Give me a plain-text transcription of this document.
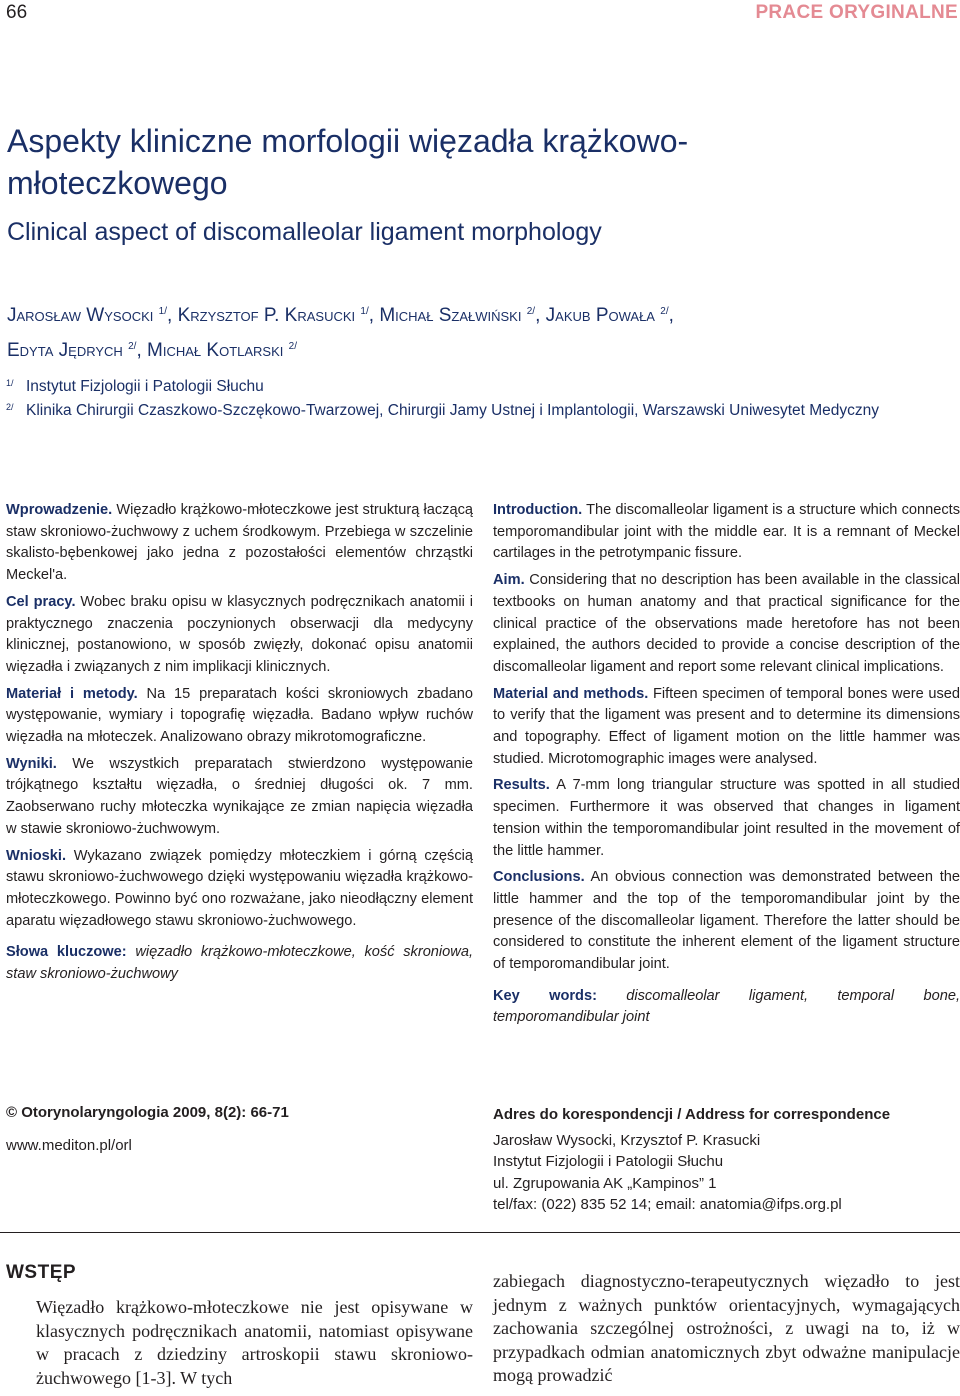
66	PRACE ORYGINALNE
Aspekty kliniczne morfologii więzadła krążkowo-młoteczkowego
Clinical aspect of discomalleolar ligament morphology
Jarosław Wysocki $^{1/}$, Krzysztof P. Krasucki $^{1/}$, Michał Szałwiński $^{2/}$, Jakub Powała $^{2/}$,
Edyta Jędrych $^{2/}$, Michał Kotlarski $^{2/}$
1/ Instytut Fizjologii i Patologii Słuchu
2/ Klinika Chirurgii Czaszkowo-Szczękowo-Twarzowej, Chirurgii Jamy Ustnej i Implantologii, Warszawski Uniwesytet Medyczny

Wprowadzenie. Więzadło krążkowo-młoteczkowe jest strukturą łaczącą staw skroniowo-żuchwowy z uchem środkowym. Przebiega w szczelinie skalisto-bębenkowej jako jedna z pozostałości elementów chrząstki Meckel'a.

Cel pracy. Wobec braku opisu w klasycznych podręcznikach anatomii i praktycznego znaczenia poczynionych obserwacji dla medycyny klinicznej, postanowiono, w sposób zwięzły, dokonać opisu anatomii więzadła i związanych z nim implikacji klinicznych.

Materiał i metody. Na 15 preparatach kości skroniowych zbadano występowanie, wymiary i topografię więzadła. Badano wpływ ruchów więzadła na młoteczek. Analizowano obrazy mikrotomograficzne.

Wyniki. We wszystkich preparatach stwierdzono występowanie trójkątnego kształtu więzadła, o średniej długości ok. 7 mm. Zaobserwano ruchy młoteczka wynikające ze zmian napięcia więzadła w stawie skroniowo-żuchwowym.

Wnioski. Wykazano związek pomiędzy młoteczkiem i górną częścią stawu skroniowo-żuchwowego dzięki występowaniu więzadła krążkowo-młoteczkowego. Powinno być ono rozważane, jako nieodłączny element aparatu więzadłowego stawu skroniowo-żuchwowego.

Słowa kluczowe: więzadło krążkowo-młoteczkowe, kość skroniowa, staw skroniowo-żuchwowy

Introduction. The discomalleolar ligament is a structure which connects temporomandibular joint with the middle ear. It is a remnant of Meckel cartilages in the petrotympanic fissure.

Aim. Considering that no description has been available in the classical textbooks on human anatomy and that practical significance for the clinical practice of the observations made heretofore has not been explained, the authors decided to provide a concise description of the discomalleolar ligament and report some relevant clinical implications.

Material and methods. Fifteen specimen of temporal bones were used to verify that the ligament was present and to determine its dimensions and topography. Effect of ligament motion on the little hammer was studied. Microtomographic images were analysed.

Results. A 7-mm long triangular structure was spotted in all studied specimen. Furthermore it was observed that changes in ligament tension within the temporomandibular joint resulted in the movement of the little hammer.

Conclusions. An obvious connection was demonstrated between the little hammer and the top of the temporomandibular joint by the presence of the discomalleolar ligament. Therefore the latter should be considered to constitute the inherent element of the ligament structure of temporomandibular joint.

Key words: discomalleolar ligament, temporal bone, temporomandibular joint

© Otorynolaryngologia 2009, 8(2): 66-71
www.mediton.pl/orl
Adres do korespondencji / Address for correspondence
Jarosław Wysocki, Krzysztof P. Krasucki
Instytut Fizjologii i Patologii Słuchu
ul. Zgrupowania AK „Kampinos” 1
tel/fax: (022) 835 52 14; email: anatomia@ifps.org.pl
WSTĘP
Więzadło krążkowo-młoteczkowe nie jest opisywane w klasycznych podręcznikach anatomii, natomiast opisywane w pracach z dziedziny artroskopii stawu skroniowo-żuchwowego [1-3]. W tych
zabiegach diagnostyczno-terapeutycznych więzadło to jest jednym z ważnych punktów orientacyjnych, wymagających zachowania szczególnej ostrożności, z uwagi na to, iż w przypadkach odmian anatomicznych zbyt odważne manipulacje mogą prowadzić
